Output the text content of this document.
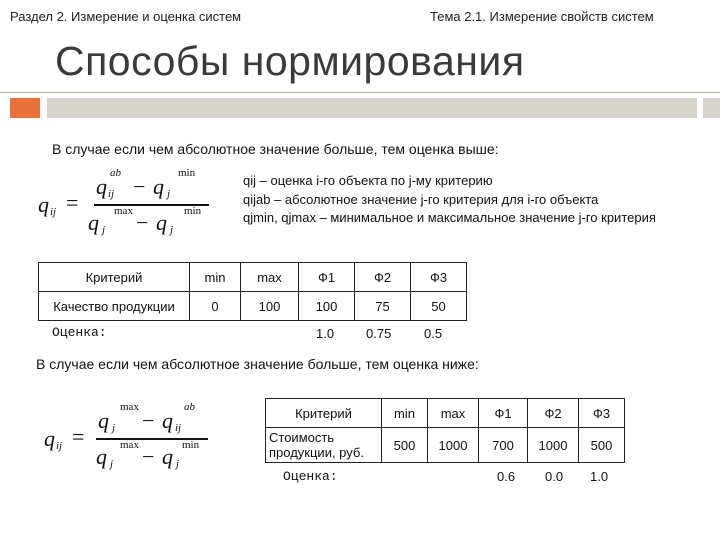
Раздел 2. Измерение и оценка систем	Тема 2.1. Измерение свойств систем
Способы нормирования
В случае если чем абсолютное значение больше, тем оценка выше:
q ij =
q ij
ab
− q j
min
q j
max − q j
min

qij – оценка i-го объекта по j-му критерию

qijab – абсолютное значение j-го критерия для i-го объекта

qjmin, qjmax – минимальное и максимальное значение j-го критерия

Критерий	min	max	Ф1	Ф2	Ф3
Качество продукции	0	100	100	75	50
Оценка:	1.0 0.75	0.5
В случае если чем абсолютное значение больше, тем оценка ниже:
q ij =
q j
max
− q ij
ab
q j
max − q j
min
Критерий	min	max	Ф1	Ф2	Ф3
Стоимость продукции, руб.	500	1000	700	1000	500
Оценка:	0.6 0.0 1.0
